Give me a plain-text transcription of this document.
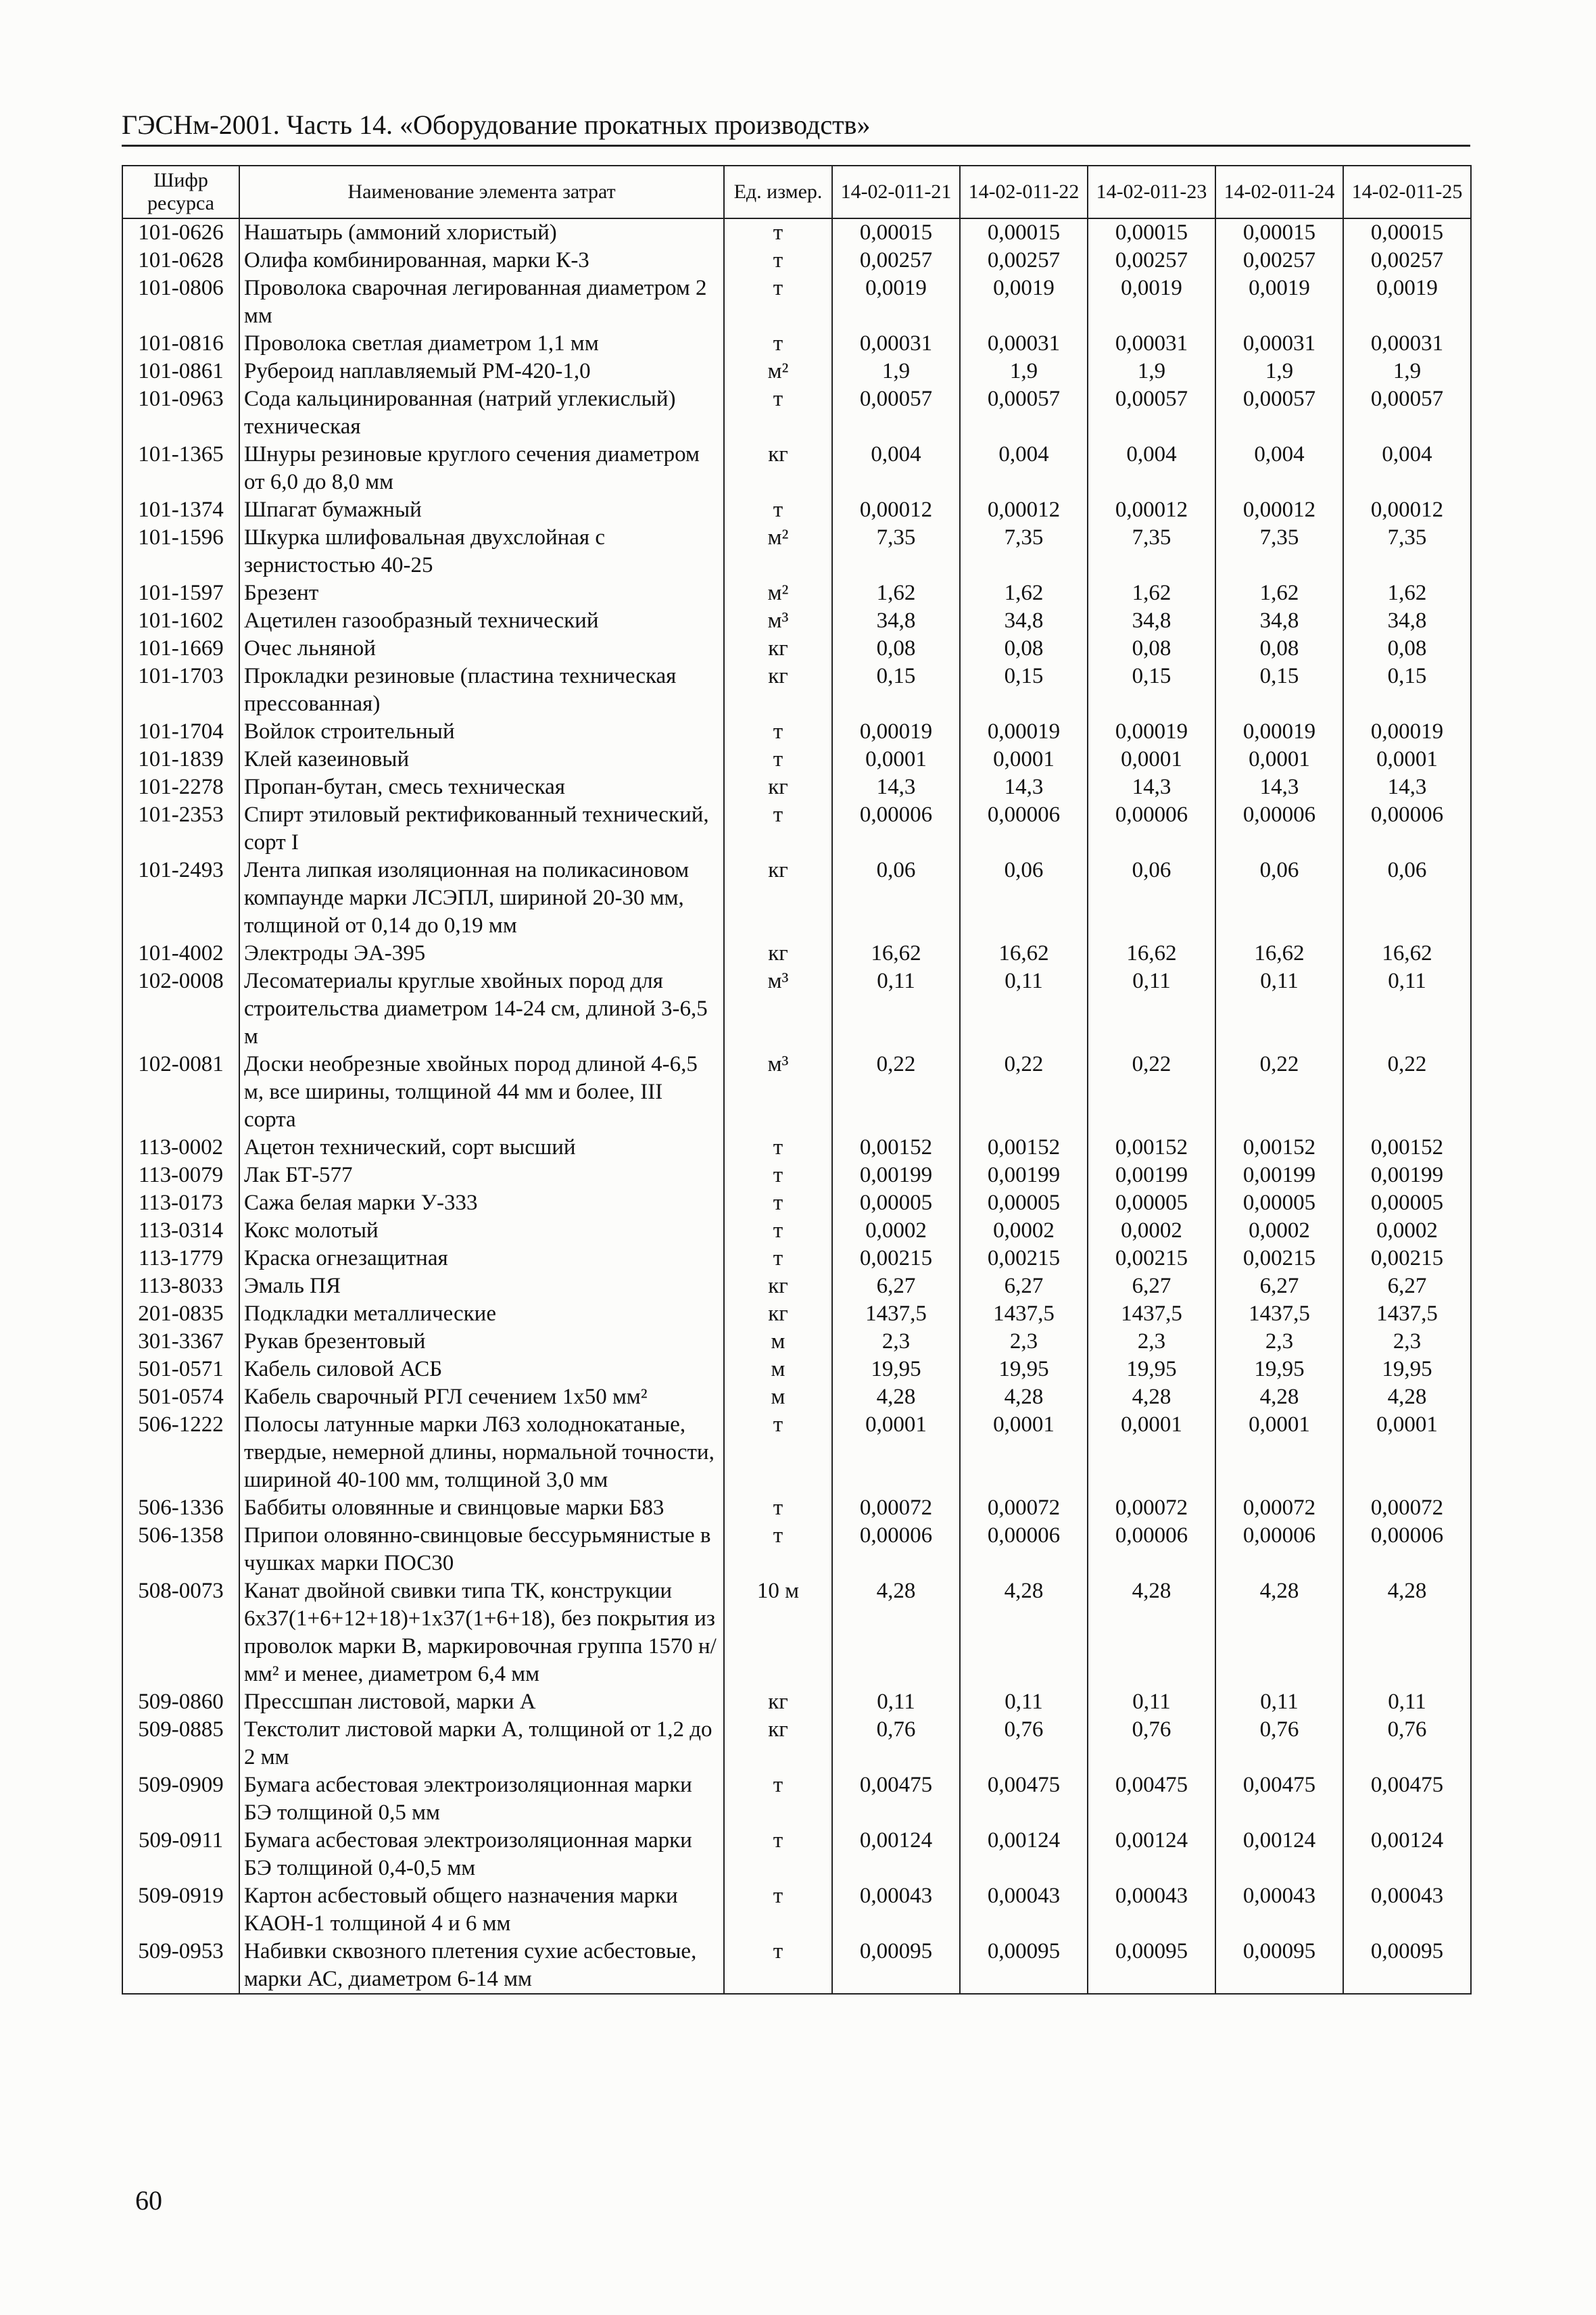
ГЭСНм-2001. Часть 14. «Оборудование прокатных производств»
Шифр ресурса	Наименование элемента затрат	Ед. измер.	14-02-011-21	14-02-011-22	14-02-011-23	14-02-011-24	14-02-011-25
101-0626	Нашатырь (аммоний хлористый)	т	0,00015	0,00015	0,00015	0,00015	0,00015
101-0628	Олифа комбинированная, марки К-3	т	0,00257	0,00257	0,00257	0,00257	0,00257
101-0806	Проволока сварочная легированная диаметром 2 мм	т	0,0019	0,0019	0,0019	0,0019	0,0019
101-0816	Проволока светлая диаметром 1,1 мм	т	0,00031	0,00031	0,00031	0,00031	0,00031
101-0861	Рубероид наплавляемый РМ-420-1,0	м²	1,9	1,9	1,9	1,9	1,9
101-0963	Сода кальцинированная (натрий углекислый) техническая	т	0,00057	0,00057	0,00057	0,00057	0,00057
101-1365	Шнуры резиновые круглого сечения диаметром от 6,0 до 8,0 мм	кг	0,004	0,004	0,004	0,004	0,004
101-1374	Шпагат бумажный	т	0,00012	0,00012	0,00012	0,00012	0,00012
101-1596	Шкурка шлифовальная двухслойная с зернистостью 40-25	м²	7,35	7,35	7,35	7,35	7,35
101-1597	Брезент	м²	1,62	1,62	1,62	1,62	1,62
101-1602	Ацетилен газообразный технический	м³	34,8	34,8	34,8	34,8	34,8
101-1669	Очес льняной	кг	0,08	0,08	0,08	0,08	0,08
101-1703	Прокладки резиновые (пластина техническая прессованная)	кг	0,15	0,15	0,15	0,15	0,15
101-1704	Войлок строительный	т	0,00019	0,00019	0,00019	0,00019	0,00019
101-1839	Клей казеиновый	т	0,0001	0,0001	0,0001	0,0001	0,0001
101-2278	Пропан-бутан, смесь техническая	кг	14,3	14,3	14,3	14,3	14,3
101-2353	Спирт этиловый ректификованный технический, сорт I	т	0,00006	0,00006	0,00006	0,00006	0,00006
101-2493	Лента липкая изоляционная на поликасиновом компаунде марки ЛСЭПЛ, шириной 20-30 мм, толщиной от 0,14 до 0,19 мм	кг	0,06	0,06	0,06	0,06	0,06
101-4002	Электроды ЭА-395	кг	16,62	16,62	16,62	16,62	16,62
102-0008	Лесоматериалы круглые хвойных пород для строительства диаметром 14-24 см, длиной 3-6,5 м	м³	0,11	0,11	0,11	0,11	0,11
102-0081	Доски необрезные хвойных пород длиной 4-6,5 м, все ширины, толщиной 44 мм и более, III сорта	м³	0,22	0,22	0,22	0,22	0,22
113-0002	Ацетон технический, сорт высший	т	0,00152	0,00152	0,00152	0,00152	0,00152
113-0079	Лак БТ-577	т	0,00199	0,00199	0,00199	0,00199	0,00199
113-0173	Сажа белая марки У-333	т	0,00005	0,00005	0,00005	0,00005	0,00005
113-0314	Кокс молотый	т	0,0002	0,0002	0,0002	0,0002	0,0002
113-1779	Краска огнезащитная	т	0,00215	0,00215	0,00215	0,00215	0,00215
113-8033	Эмаль ПЯ	кг	6,27	6,27	6,27	6,27	6,27
201-0835	Подкладки металлические	кг	1437,5	1437,5	1437,5	1437,5	1437,5
301-3367	Рукав брезентовый	м	2,3	2,3	2,3	2,3	2,3
501-0571	Кабель силовой АСБ	м	19,95	19,95	19,95	19,95	19,95
501-0574	Кабель сварочный РГЛ сечением 1х50 мм²	м	4,28	4,28	4,28	4,28	4,28
506-1222	Полосы латунные марки Л63 холоднокатаные, твердые, немерной длины, нормальной точности, шириной 40-100 мм, толщиной 3,0 мм	т	0,0001	0,0001	0,0001	0,0001	0,0001
506-1336	Баббиты оловянные и свинцовые марки Б83	т	0,00072	0,00072	0,00072	0,00072	0,00072
506-1358	Припои оловянно-свинцовые бессурьмянистые в чушках марки ПОС30	т	0,00006	0,00006	0,00006	0,00006	0,00006
508-0073	Канат двойной свивки типа ТК, конструкции 6х37(1+6+12+18)+1х37(1+6+18), без покрытия из проволок марки В, маркировочная группа 1570 н/мм² и менее, диаметром 6,4 мм	10 м	4,28	4,28	4,28	4,28	4,28
509-0860	Прессшпан листовой, марки А	кг	0,11	0,11	0,11	0,11	0,11
509-0885	Текстолит листовой марки А, толщиной от 1,2 до 2 мм	кг	0,76	0,76	0,76	0,76	0,76
509-0909	Бумага асбестовая электроизоляционная марки БЭ толщиной 0,5 мм	т	0,00475	0,00475	0,00475	0,00475	0,00475
509-0911	Бумага асбестовая электроизоляционная марки БЭ толщиной 0,4-0,5 мм	т	0,00124	0,00124	0,00124	0,00124	0,00124
509-0919	Картон асбестовый общего назначения марки КАОН-1 толщиной 4 и 6 мм	т	0,00043	0,00043	0,00043	0,00043	0,00043
509-0953	Набивки сквозного плетения сухие асбестовые, марки АС, диаметром 6-14 мм	т	0,00095	0,00095	0,00095	0,00095	0,00095
60
